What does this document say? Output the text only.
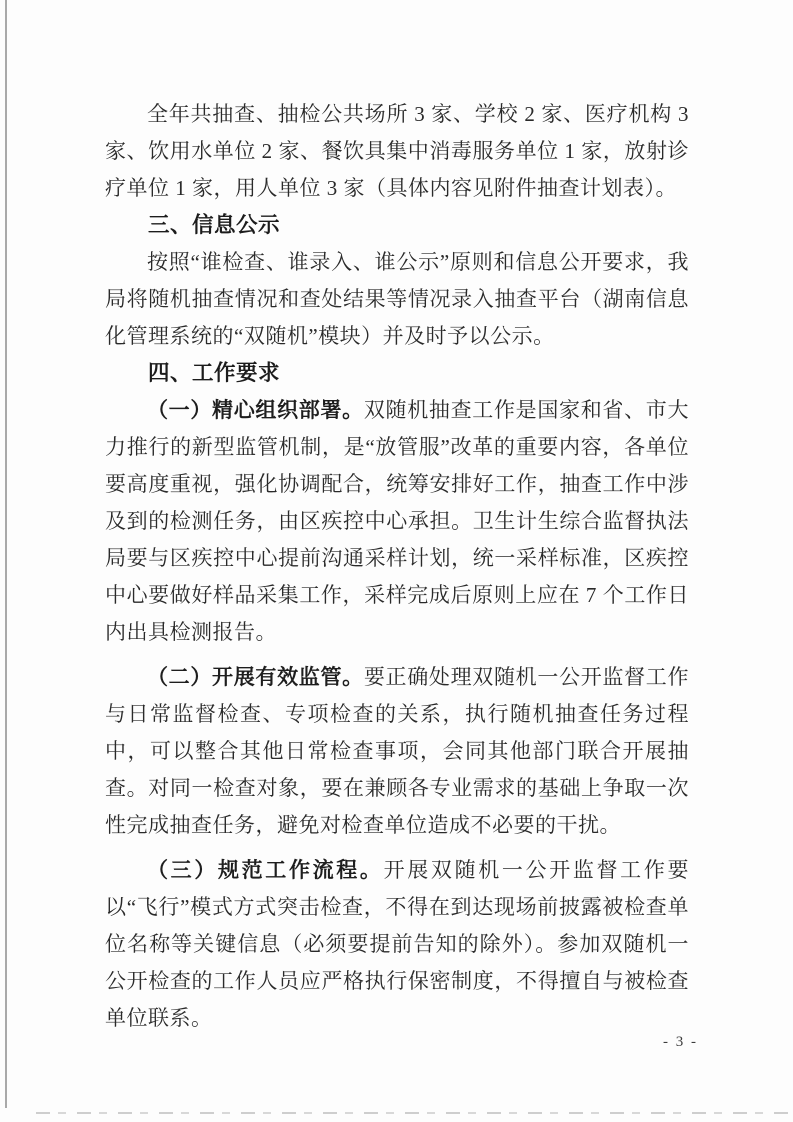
全年共抽查、抽检公共场所 3 家、学校 2 家、医疗机构 3 家、饮用水单位 2 家、餐饮具集中消毒服务单位 1 家，放射诊疗单位 1 家，用人单位 3 家（具体内容见附件抽查计划表）。

三、信息公示

按照“谁检查、谁录入、谁公示”原则和信息公开要求，我局将随机抽查情况和查处结果等情况录入抽查平台（湖南信息化管理系统的“双随机”模块）并及时予以公示。

四、工作要求

（一）精心组织部署。双随机抽查工作是国家和省、市大力推行的新型监管机制，是“放管服”改革的重要内容，各单位要高度重视，强化协调配合，统筹安排好工作，抽查工作中涉及到的检测任务，由区疾控中心承担。卫生计生综合监督执法局要与区疾控中心提前沟通采样计划，统一采样标准，区疾控中心要做好样品采集工作，采样完成后原则上应在 7 个工作日内出具检测报告。

（二）开展有效监管。要正确处理双随机一公开监督工作与日常监督检查、专项检查的关系，执行随机抽查任务过程中，可以整合其他日常检查事项，会同其他部门联合开展抽查。对同一检查对象，要在兼顾各专业需求的基础上争取一次性完成抽查任务，避免对检查单位造成不必要的干扰。

（三）规范工作流程。开展双随机一公开监督工作要以“飞行”模式方式突击检查，不得在到达现场前披露被检查单位名称等关键信息（必须要提前告知的除外）。参加双随机一公开检查的工作人员应严格执行保密制度，不得擅自与被检查单位联系。

- 3 -
